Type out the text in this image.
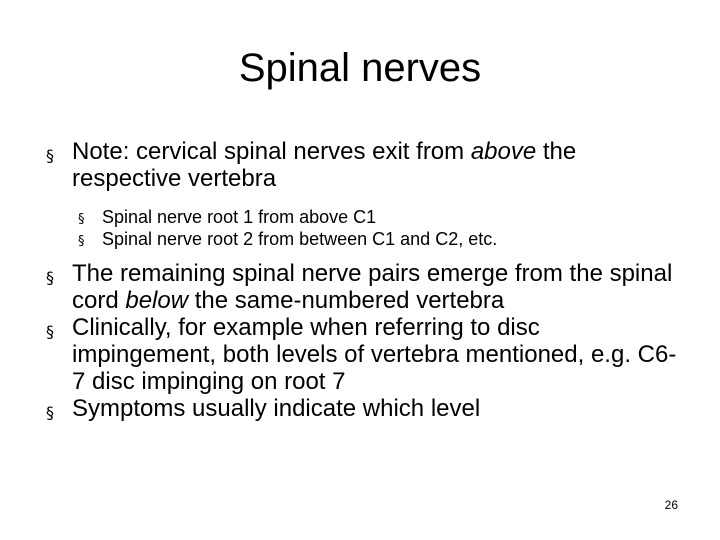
Spinal nerves
§ Note: cervical spinal nerves exit from above the respective vertebra
§ Spinal nerve root 1 from above C1
§ Spinal nerve root 2 from between C1 and C2, etc.
§ The remaining spinal nerve pairs emerge from the spinal cord below the same-numbered vertebra
§ Clinically, for example when referring to disc impingement, both levels of vertebra mentioned, e.g. C6-7 disc impinging on root 7
§ Symptoms usually indicate which level
26
